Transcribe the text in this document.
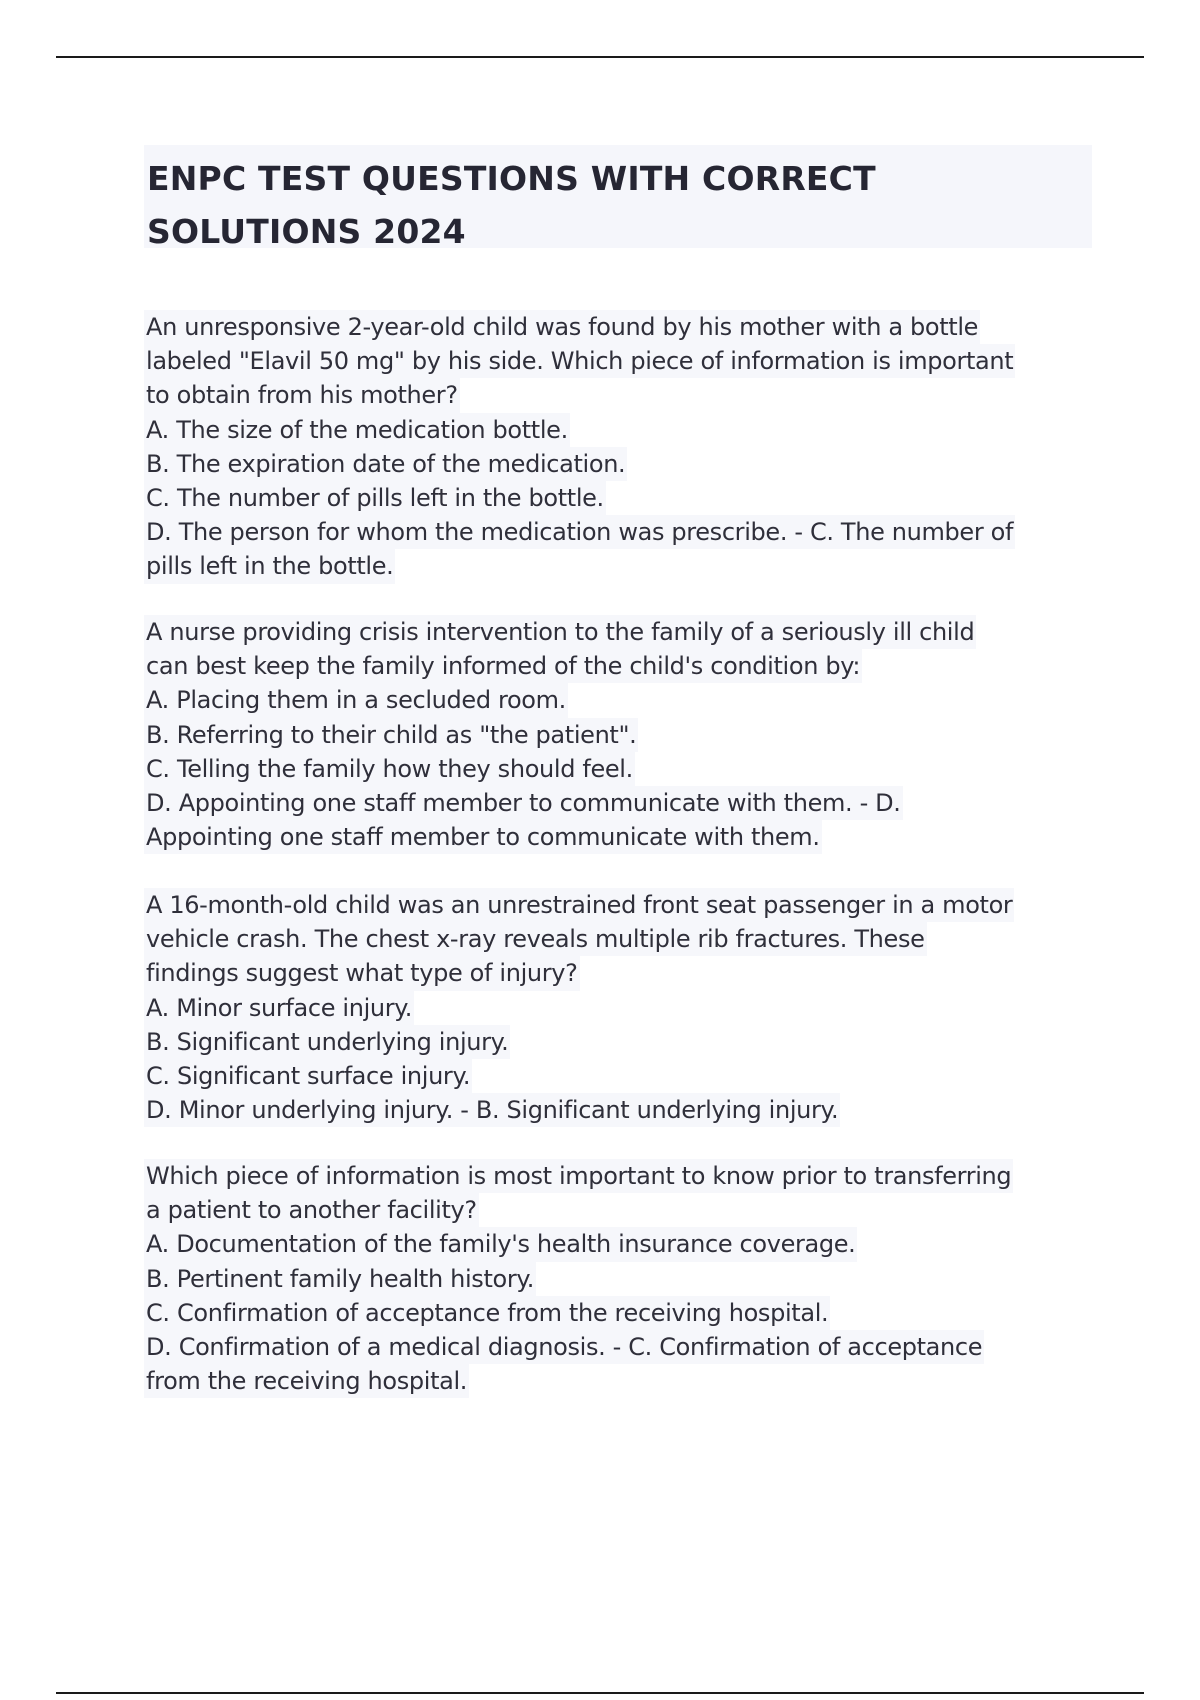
ENPC TEST QUESTIONS WITH CORRECT
SOLUTIONS 2024
An unresponsive 2-year-old child was found by his mother with a bottle
labeled "Elavil 50 mg" by his side. Which piece of information is important
to obtain from his mother?
A. The size of the medication bottle.
B. The expiration date of the medication.
C. The number of pills left in the bottle.
D. The person for whom the medication was prescribe. - C. The number of
pills left in the bottle.
A nurse providing crisis intervention to the family of a seriously ill child
can best keep the family informed of the child's condition by:
A. Placing them in a secluded room.
B. Referring to their child as "the patient".
C. Telling the family how they should feel.
D. Appointing one staff member to communicate with them. - D.
Appointing one staff member to communicate with them.
A 16-month-old child was an unrestrained front seat passenger in a motor
vehicle crash. The chest x-ray reveals multiple rib fractures. These
findings suggest what type of injury?
A. Minor surface injury.
B. Significant underlying injury.
C. Significant surface injury.
D. Minor underlying injury. - B. Significant underlying injury.
Which piece of information is most important to know prior to transferring
a patient to another facility?
A. Documentation of the family's health insurance coverage.
B. Pertinent family health history.
C. Confirmation of acceptance from the receiving hospital.
D. Confirmation of a medical diagnosis. - C. Confirmation of acceptance
from the receiving hospital.
